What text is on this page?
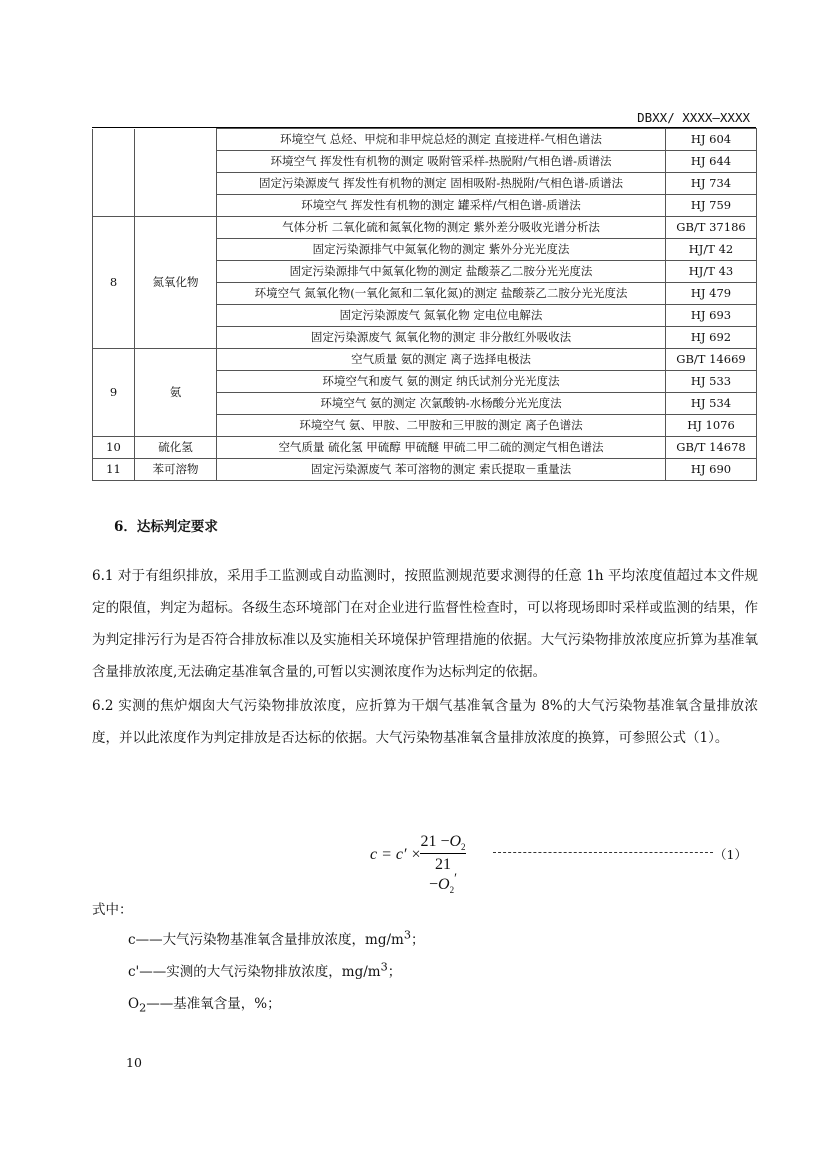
DBXX/ XXXX—XXXX
		环境空气 总烃、甲烷和非甲烷总烃的测定 直接进样-气相色谱法	HJ 604
		环境空气 挥发性有机物的测定 吸附管采样-热脱附/气相色谱-质谱法	HJ 644
		固定污染源废气 挥发性有机物的测定 固相吸附-热脱附/气相色谱-质谱法	HJ 734
		环境空气 挥发性有机物的测定 罐采样/气相色谱-质谱法	HJ 759
8	氮氧化物	气体分析 二氧化硫和氮氧化物的测定 紫外差分吸收光谱分析法	GB/T 37186
		固定污染源排气中氮氧化物的测定 紫外分光光度法	HJ/T 42
		固定污染源排气中氮氧化物的测定 盐酸萘乙二胺分光光度法	HJ/T 43
		环境空气 氮氧化物(一氧化氮和二氧化氮)的测定 盐酸萘乙二胺分光光度法	HJ 479
		固定污染源废气 氮氧化物 定电位电解法	HJ 693
		固定污染源废气 氮氧化物的测定 非分散红外吸收法	HJ 692
9	氨	空气质量 氨的测定 离子选择电极法	GB/T 14669
		环境空气和废气 氨的测定 纳氏试剂分光光度法	HJ 533
		环境空气 氨的测定 次氯酸钠-水杨酸分光光度法	HJ 534
		环境空气 氨、甲胺、二甲胺和三甲胺的测定 离子色谱法	HJ 1076
10	硫化氢	空气质量 硫化氢 甲硫醇 甲硫醚 甲硫二甲二硫的测定气相色谱法	GB/T 14678
11	苯可溶物	固定污染源废气 苯可溶物的测定 索氏提取－重量法	HJ 690
6．达标判定要求
6.1 对于有组织排放，采用手工监测或自动监测时，按照监测规范要求测得的任意 1h 平均浓度值超过本文件规定的限值，判定为超标。各级生态环境部门在对企业进行监督性检查时，可以将现场即时采样或监测的结果，作为判定排污行为是否符合排放标准以及实施相关环境保护管理措施的依据。大气污染物排放浓度应折算为基准氧含量排放浓度,无法确定基准氧含量的,可暂以实测浓度作为达标判定的依据。
6.2 实测的焦炉烟囱大气污染物排放浓度，应折算为干烟气基准氧含量为 8%的大气污染物基准氧含量排放浓度，并以此浓度作为判定排放是否达标的依据。大气污染物基准氧含量排放浓度的换算，可参照公式（1）。
c = c′ ×
$21 -O_2$
$21 -O_2'$
（1）
式中：
c——大气污染物基准氧含量排放浓度，$mg/m^3$；
c'——实测的大气污染物排放浓度，$mg/m^3$；
$O_2——$基准氧含量，%；
10
